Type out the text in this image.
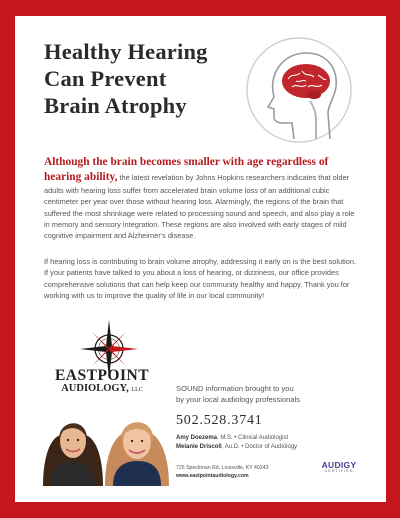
Healthy Hearing
Can Prevent
Brain Atrophy

Although the brain becomes smaller with age regardless of hearing ability, the latest revelation by Johns Hopkins researchers indicates that older adults with hearing loss suffer from accelerated brain volume loss of an additional cubic centimeter per year over those without hearing loss. Alarmingly, the regions of the brain that suffered the most shrinkage were related to processing sound and speech, and also play a role in memory and sensory integration. These regions are also involved with early stages of mild cognitive impairment and Alzheimer's disease.

If hearing loss is contributing to brain volume atrophy, addressing it early on is the best solution. If your patients have talked to you about a loss of hearing, or dizziness, our office provides comprehensive solutions that can help keep our community healthy and happy. Thank you for working with us to improve the quality of life in our local community!

EASTPOINT
AUDIOLOGY, LLC	SOUND information brought to you
by your local audiology professionals
502.528.3741
Amy Doezema, M.S. • Clinical Audiologist
Melanie Driscoll, Au.D. • Doctor of Audiology
725 Speckman Rd, Louisville, KY 40243
www.eastpointaudiology.com
AUDIGY
CERTIFIED
